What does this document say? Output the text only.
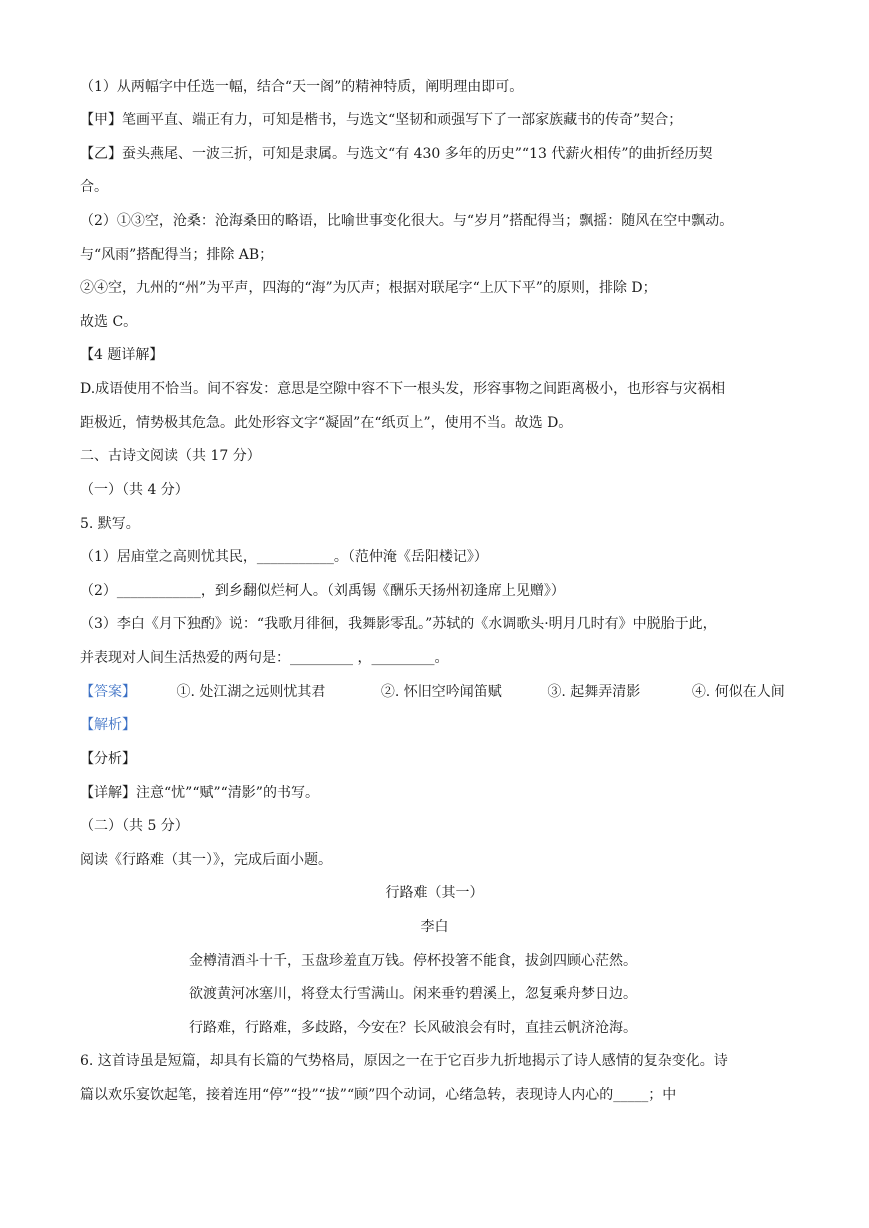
（1）从两幅字中任选一幅，结合“天一阁”的精神特质，阐明理由即可。
【甲】笔画平直、端正有力，可知是楷书，与选文“坚韧和顽强写下了一部家族藏书的传奇”契合；
【乙】蚕头燕尾、一波三折，可知是隶属。与选文“有 430 多年的历史”“13 代薪火相传”的曲折经历契
合。
（2）①③空，沧桑：沧海桑田的略语，比喻世事变化很大。与“岁月”搭配得当；飘摇：随风在空中飘动。
与“风雨”搭配得当；排除 AB；
②④空，九州的“州”为平声，四海的“海”为仄声；根据对联尾字“上仄下平”的原则，排除 D；
故选 C。
【4 题详解】
D.成语使用不恰当。间不容发：意思是空隙中容不下一根头发，形容事物之间距离极小，也形容与灾祸相
距极近，情势极其危急。此处形容文字“凝固”在“纸页上”，使用不当。故选 D。
二、古诗文阅读（共 17 分）
（一）（共 4 分）
5. 默写。
（1）居庙堂之高则忧其民，___________。（范仲淹《岳阳楼记》）
（2）____________，到乡翻似烂柯人。（刘禹锡《酬乐天扬州初逢席上见赠》）
（3）李白《月下独酌》说：“我歌月徘徊，我舞影零乱。”苏轼的《水调歌头·明月几时有》中脱胎于此，
并表现对人间生活热爱的两句是：_________ ，_________。
【答案】	①. 处江湖之远则忧其君	②. 怀旧空吟闻笛赋	③. 起舞弄清影	④. 何似在人间
【解析】
【分析】
【详解】注意“忧”“赋”“清影”的书写。
（二）（共 5 分）
阅读《行路难（其一）》，完成后面小题。
行路难（其一）
李白
金樽清酒斗十千，玉盘珍羞直万钱。停杯投箸不能食，拔剑四顾心茫然。
欲渡黄河冰塞川，将登太行雪满山。闲来垂钓碧溪上，忽复乘舟梦日边。
行路难，行路难，多歧路，今安在？长风破浪会有时，直挂云帆济沧海。
6. 这首诗虽是短篇，却具有长篇的气势格局，原因之一在于它百步九折地揭示了诗人感情的复杂变化。诗
篇以欢乐宴饮起笔，接着连用“停”“投”“拔”“顾”四个动词，心绪急转，表现诗人内心的_____；中
